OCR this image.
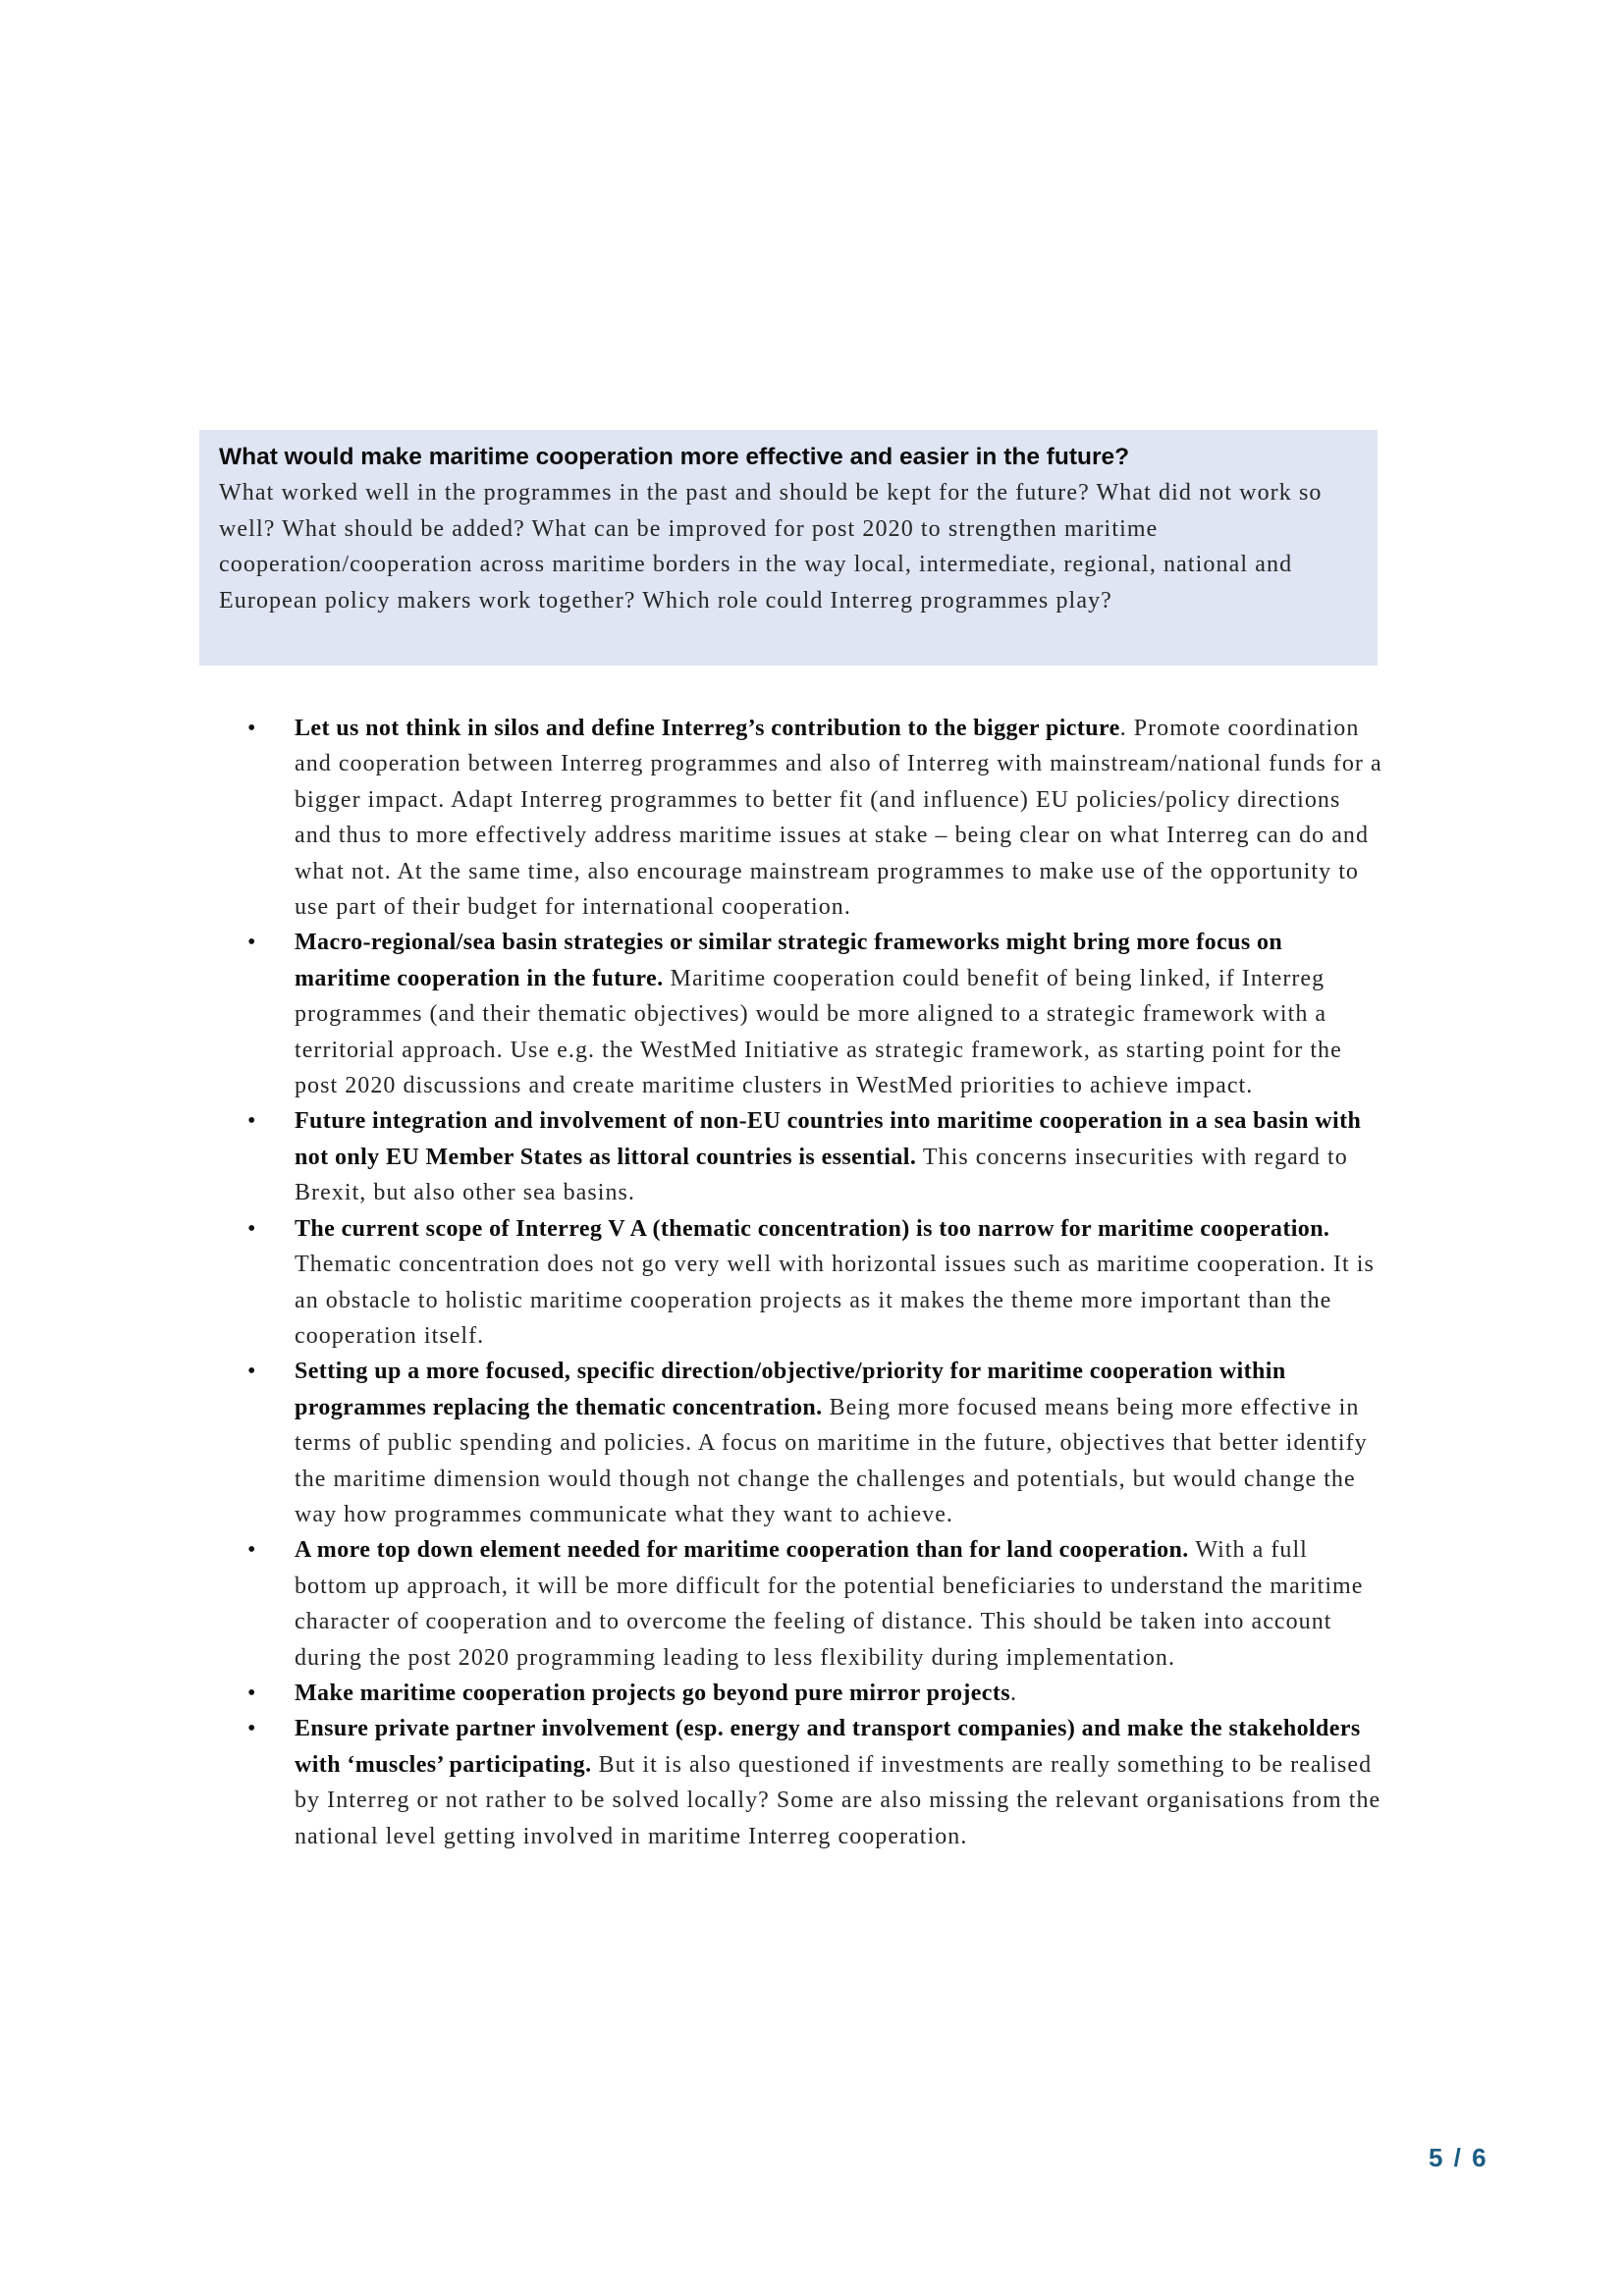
What would make maritime cooperation more effective and easier in the future?

What worked well in the programmes in the past and should be kept for the future? What did not work so well? What should be added? What can be improved for post 2020 to strengthen maritime cooperation/cooperation across maritime borders in the way local, intermediate, regional, national and European policy makers work together? Which role could Interreg programmes play?

• Let us not think in silos and define Interreg’s contribution to the bigger picture. Promote coordination and cooperation between Interreg programmes and also of Interreg with mainstream/national funds for a bigger impact. Adapt Interreg programmes to better fit (and influence) EU policies/policy directions and thus to more effectively address maritime issues at stake – being clear on what Interreg can do and what not. At the same time, also encourage mainstream programmes to make use of the opportunity to use part of their budget for international cooperation.
• Macro-regional/sea basin strategies or similar strategic frameworks might bring more focus on maritime cooperation in the future. Maritime cooperation could benefit of being linked, if Interreg programmes (and their thematic objectives) would be more aligned to a strategic framework with a territorial approach. Use e.g. the WestMed Initiative as strategic framework, as starting point for the post 2020 discussions and create maritime clusters in WestMed priorities to achieve impact.
• Future integration and involvement of non-EU countries into maritime cooperation in a sea basin with not only EU Member States as littoral countries is essential. This concerns insecurities with regard to Brexit, but also other sea basins.
• The current scope of Interreg V A (thematic concentration) is too narrow for maritime cooperation. Thematic concentration does not go very well with horizontal issues such as maritime cooperation. It is an obstacle to holistic maritime cooperation projects as it makes the theme more important than the cooperation itself.
• Setting up a more focused, specific direction/objective/priority for maritime cooperation within programmes replacing the thematic concentration. Being more focused means being more effective in terms of public spending and policies. A focus on maritime in the future, objectives that better identify the maritime dimension would though not change the challenges and potentials, but would change the way how programmes communicate what they want to achieve.
• A more top down element needed for maritime cooperation than for land cooperation. With a full bottom up approach, it will be more difficult for the potential beneficiaries to understand the maritime character of cooperation and to overcome the feeling of distance. This should be taken into account during the post 2020 programming leading to less flexibility during implementation.
• Make maritime cooperation projects go beyond pure mirror projects.
• Ensure private partner involvement (esp. energy and transport companies) and make the stakeholders with ‘muscles’ participating. But it is also questioned if investments are really something to be realised by Interreg or not rather to be solved locally? Some are also missing the relevant organisations from the national level getting involved in maritime Interreg cooperation.
5 / 6
